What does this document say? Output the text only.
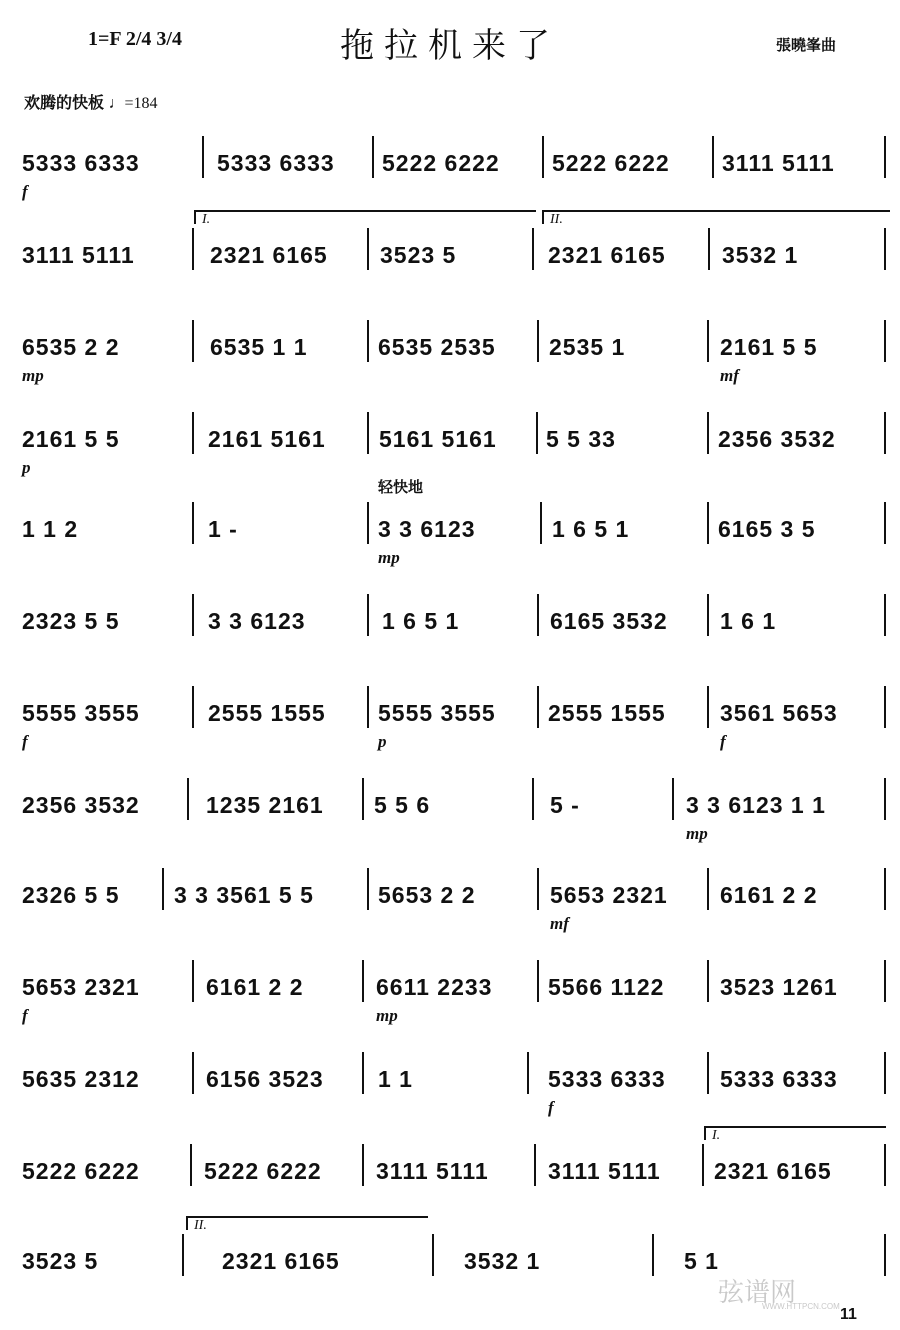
1=F 2/4 3/4	拖拉机来了	張曉峯曲
欢腾的快板 ♩=184
5333 6333	5333 6333 5222 6222 5222 6222 3111 5111
f
3111 5111	2321 6165 3523 5	2321 6165 3532 1
I.	II.
6535 2 2	6535 1 1	6535 2535 2535 1	2161 5 5
mp	mf
2161 5 5	2161 5161 5161 5161 5 5 33	2356 3532
p
1 1 2	1 -	3 3 6123	1 6 5 1	6165 3 5
mp
轻快地
2323 5 5	3 3 6123	1 6 5 1	6165 3532 1 6 1
5555 3555	2555 1555 5555 3555 2555 1555 3561 5653
f	p	f
2356 3532	1235 2161 5 5 6	5 -	3 3 6123 1 1
mp
2326 5 5 3 3 3561 5 5	5653 2 2	5653 2321 6161 2 2
mf
5653 2321	6161 2 2	6611 2233 5566 1122 3523 1261
f	mp
5635 2312	6156 3523 1 1	5333 6333 5333 6333
f
5222 6222	5222 6222 3111 5111	3111 5111 2321 6165
I.
3523 5	2321 6165	3532 1	5 1
II.
弦谱网
WWW.HTTPCN.COM 11
